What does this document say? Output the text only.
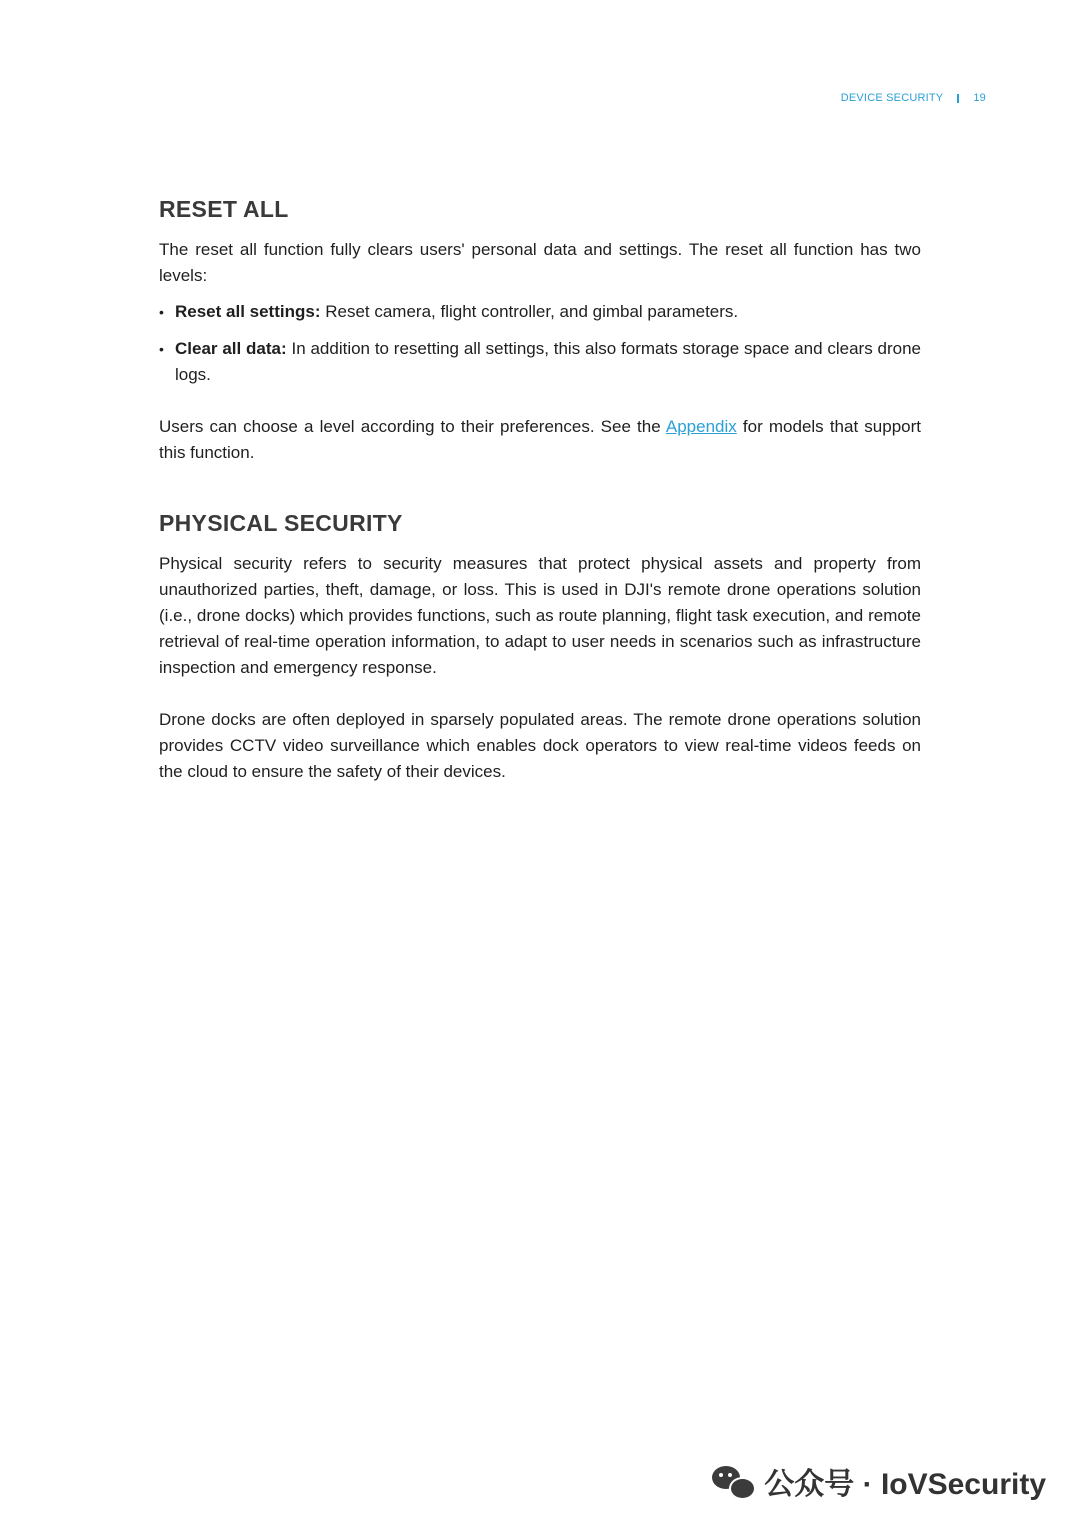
DEVICE SECURITY	19
RESET ALL

The reset all function fully clears users' personal data and settings. The reset all function has two levels:

• Reset all settings: Reset camera, flight controller, and gimbal parameters.
• Clear all data: In addition to resetting all settings, this also formats storage space and clears drone logs.

Users can choose a level according to their preferences. See the Appendix for models that support this function.

PHYSICAL SECURITY

Physical security refers to security measures that protect physical assets and property from unauthorized parties, theft, damage, or loss. This is used in DJI's remote drone operations solution (i.e., drone docks) which provides functions, such as route planning, flight task execution, and remote retrieval of real-time operation information, to adapt to user needs in scenarios such as infrastructure inspection and emergency response.

Drone docks are often deployed in sparsely populated areas. The remote drone operations solution provides CCTV video surveillance which enables dock operators to view real-time videos feeds on the cloud to ensure the safety of their devices.

公众号 · IoVSecurity
